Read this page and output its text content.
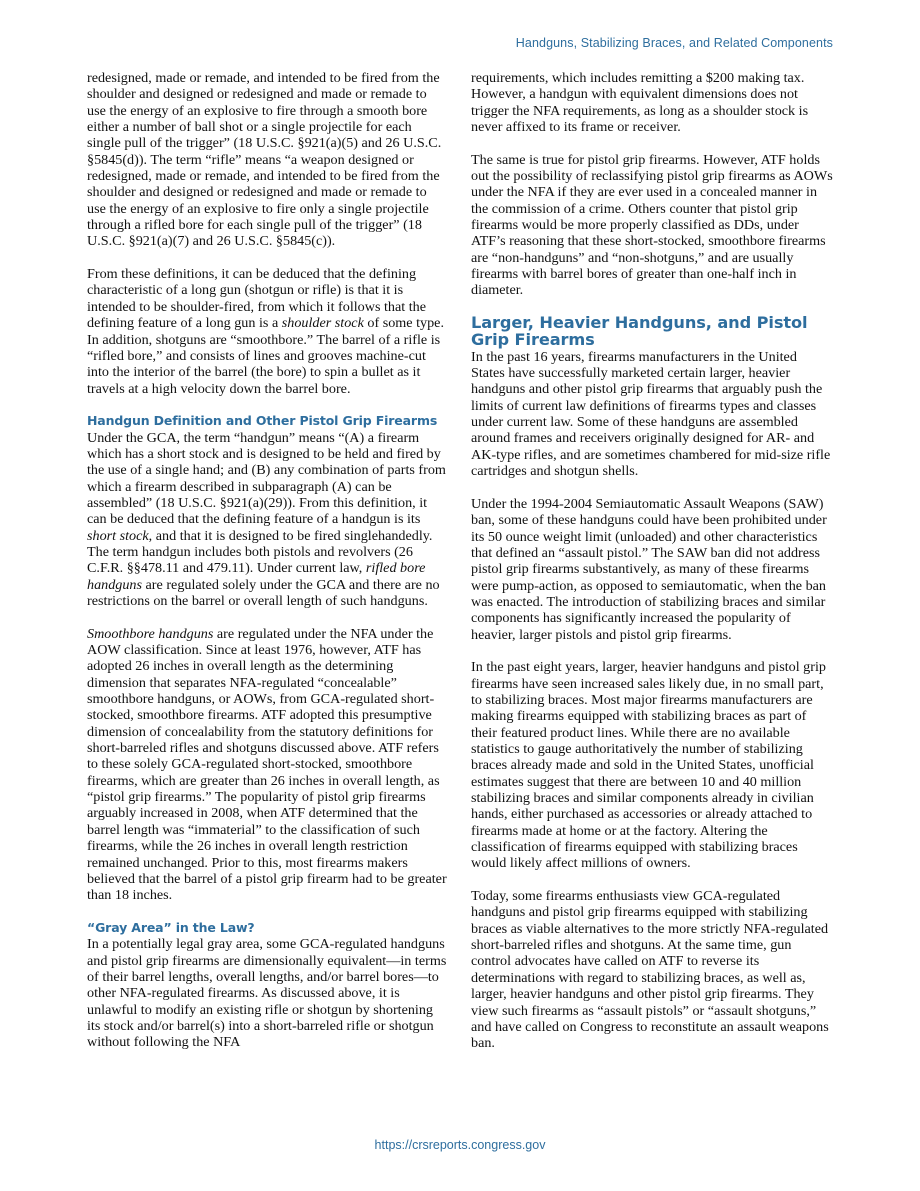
Handguns, Stabilizing Braces, and Related Components

redesigned, made or remade, and intended to be fired from the shoulder and designed or redesigned and made or remade to use the energy of an explosive to fire through a smooth bore either a number of ball shot or a single projectile for each single pull of the trigger” (18 U.S.C. §921(a)(5) and 26 U.S.C. §5845(d)). The term “rifle” means “a weapon designed or redesigned, made or remade, and intended to be fired from the shoulder and designed or redesigned and made or remade to use the energy of an explosive to fire only a single projectile through a rifled bore for each single pull of the trigger” (18 U.S.C. §921(a)(7) and 26 U.S.C. §5845(c)).

From these definitions, it can be deduced that the defining characteristic of a long gun (shotgun or rifle) is that it is intended to be shoulder-fired, from which it follows that the defining feature of a long gun is a shoulder stock of some type. In addition, shotguns are “smoothbore.” The barrel of a rifle is “rifled bore,” and consists of lines and grooves machine-cut into the interior of the barrel (the bore) to spin a bullet as it travels at a high velocity down the barrel bore.

Handgun Definition and Other Pistol Grip Firearms

Under the GCA, the term “handgun” means “(A) a firearm which has a short stock and is designed to be held and fired by the use of a single hand; and (B) any combination of parts from which a firearm described in subparagraph (A) can be assembled” (18 U.S.C. §921(a)(29)). From this definition, it can be deduced that the defining feature of a handgun is its short stock, and that it is designed to be fired singlehandedly. The term handgun includes both pistols and revolvers (26 C.F.R. §§478.11 and 479.11). Under current law, rifled bore handguns are regulated solely under the GCA and there are no restrictions on the barrel or overall length of such handguns.

Smoothbore handguns are regulated under the NFA under the AOW classification. Since at least 1976, however, ATF has adopted 26 inches in overall length as the determining dimension that separates NFA-regulated “concealable” smoothbore handguns, or AOWs, from GCA-regulated short-stocked, smoothbore firearms. ATF adopted this presumptive dimension of concealability from the statutory definitions for short-barreled rifles and shotguns discussed above. ATF refers to these solely GCA-regulated short-stocked, smoothbore firearms, which are greater than 26 inches in overall length, as “pistol grip firearms.” The popularity of pistol grip firearms arguably increased in 2008, when ATF determined that the barrel length was “immaterial” to the classification of such firearms, while the 26 inches in overall length restriction remained unchanged. Prior to this, most firearms makers believed that the barrel of a pistol grip firearm had to be greater than 18 inches.

“Gray Area” in the Law?

In a potentially legal gray area, some GCA-regulated handguns and pistol grip firearms are dimensionally equivalent—in terms of their barrel lengths, overall lengths, and/or barrel bores—to other NFA-regulated firearms. As discussed above, it is unlawful to modify an existing rifle or shotgun by shortening its stock and/or barrel(s) into a short-barreled rifle or shotgun without following the NFA

requirements, which includes remitting a $200 making tax. However, a handgun with equivalent dimensions does not trigger the NFA requirements, as long as a shoulder stock is never affixed to its frame or receiver.

The same is true for pistol grip firearms. However, ATF holds out the possibility of reclassifying pistol grip firearms as AOWs under the NFA if they are ever used in a concealed manner in the commission of a crime. Others counter that pistol grip firearms would be more properly classified as DDs, under ATF’s reasoning that these short-stocked, smoothbore firearms are “non-handguns” and “non-shotguns,” and are usually firearms with barrel bores of greater than one-half inch in diameter.

Larger, Heavier Handguns, and Pistol Grip Firearms

In the past 16 years, firearms manufacturers in the United States have successfully marketed certain larger, heavier handguns and other pistol grip firearms that arguably push the limits of current law definitions of firearms types and classes under current law. Some of these handguns are assembled around frames and receivers originally designed for AR- and AK-type rifles, and are sometimes chambered for mid-size rifle cartridges and shotgun shells.

Under the 1994-2004 Semiautomatic Assault Weapons (SAW) ban, some of these handguns could have been prohibited under its 50 ounce weight limit (unloaded) and other characteristics that defined an “assault pistol.” The SAW ban did not address pistol grip firearms substantively, as many of these firearms were pump-action, as opposed to semiautomatic, when the ban was enacted. The introduction of stabilizing braces and similar components has significantly increased the popularity of heavier, larger pistols and pistol grip firearms.

In the past eight years, larger, heavier handguns and pistol grip firearms have seen increased sales likely due, in no small part, to stabilizing braces. Most major firearms manufacturers are making firearms equipped with stabilizing braces as part of their featured product lines. While there are no available statistics to gauge authoritatively the number of stabilizing braces already made and sold in the United States, unofficial estimates suggest that there are between 10 and 40 million stabilizing braces and similar components already in civilian hands, either purchased as accessories or already attached to firearms made at home or at the factory. Altering the classification of firearms equipped with stabilizing braces would likely affect millions of owners.

Today, some firearms enthusiasts view GCA-regulated handguns and pistol grip firearms equipped with stabilizing braces as viable alternatives to the more strictly NFA-regulated short-barreled rifles and shotguns. At the same time, gun control advocates have called on ATF to reverse its determinations with regard to stabilizing braces, as well as, larger, heavier handguns and other pistol grip firearms. They view such firearms as “assault pistols” or “assault shotguns,” and have called on Congress to reconstitute an assault weapons ban.

https://crsreports.congress.gov
